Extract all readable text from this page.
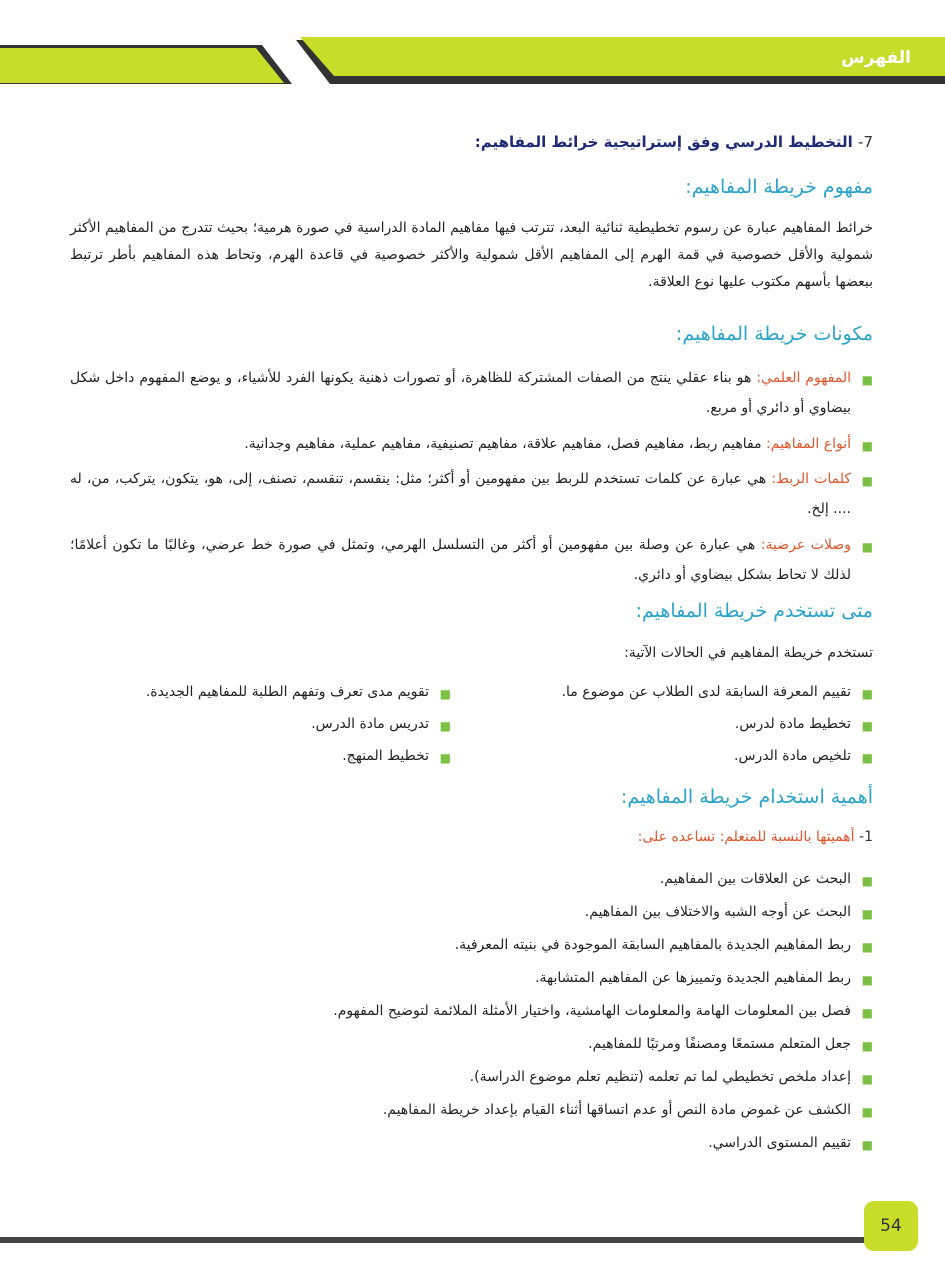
الفهرس
7- التخطيط الدرسي وفق إستراتيجية خرائط المفاهيم:
مفهوم خريطة المفاهيم:
خرائط المفاهيم عبارة عن رسوم تخطيطية ثنائية البعد، تترتب فيها مفاهيم المادة الدراسية في صورة هرمية؛ بحيث تتدرج من المفاهيم الأكثر شمولية والأقل خصوصية في قمة الهرم إلى المفاهيم الأقل شمولية والأكثر خصوصية في قاعدة الهرم، وتحاط هذه المفاهيم بأطر ترتبط ببعضها بأسهم مكتوب عليها نوع العلاقة.
مكونات خريطة المفاهيم:
■
المفهوم العلمي: هو بناء عقلي ينتج من الصفات المشتركة للظاهرة، أو تصورات ذهنية يكونها الفرد للأشياء، و يوضع المفهوم داخل شكل بيضاوي أو دائري أو مربع.
■
أنواع المفاهيم: مفاهيم ربط، مفاهيم فصل، مفاهيم علاقة، مفاهيم تصنيفية، مفاهيم عملية، مفاهيم وجدانية.
■
كلمات الربط: هي عبارة عن كلمات تستخدم للربط بين مفهومين أو أكثر؛ مثل: ينقسم، تنقسم، تصنف، إلى، هو، يتكون، يتركب، من، له .... إلخ.
■
وصلات عرضية: هي عبارة عن وصلة بين مفهومين أو أكثر من التسلسل الهرمي، وتمثل في صورة خط عرضي، وغالبًا ما تكون أعلامًا؛ لذلك لا تحاط بشكل بيضاوي أو دائري.
متى تستخدم خريطة المفاهيم:
تستخدم خريطة المفاهيم في الحالات الآتية:
■
تقييم المعرفة السابقة لدى الطلاب عن موضوع ما.
■
تخطيط مادة لدرس.
■
تلخيص مادة الدرس.
■
تقويم مدى تعرف وتفهم الطلبة للمفاهيم الجديدة.
■
تدريس مادة الدرس.
■
تخطيط المنهج.
أهمية استخدام خريطة المفاهيم:
1- أهميتها بالنسبة للمتعلم: تساعده على:
■
البحث عن العلاقات بين المفاهيم.
■
البحث عن أوجه الشبه والاختلاف بين المفاهيم.
■
ربط المفاهيم الجديدة بالمفاهيم السابقة الموجودة في بنيته المعرفية.
■
ربط المفاهيم الجديدة وتمييزها عن المفاهيم المتشابهة.
■
فصل بين المعلومات الهامة والمعلومات الهامشية، واختيار الأمثلة الملائمة لتوضيح المفهوم.
■
جعل المتعلم مستمعًا ومصنفًا ومرتبًا للمفاهيم.
■
إعداد ملخص تخطيطي لما تم تعلمه (تنظيم تعلم موضوع الدراسة).
■
الكشف عن غموض مادة النص أو عدم اتساقها أثناء القيام بإعداد خريطة المفاهيم.
■
تقييم المستوى الدراسي.
54
